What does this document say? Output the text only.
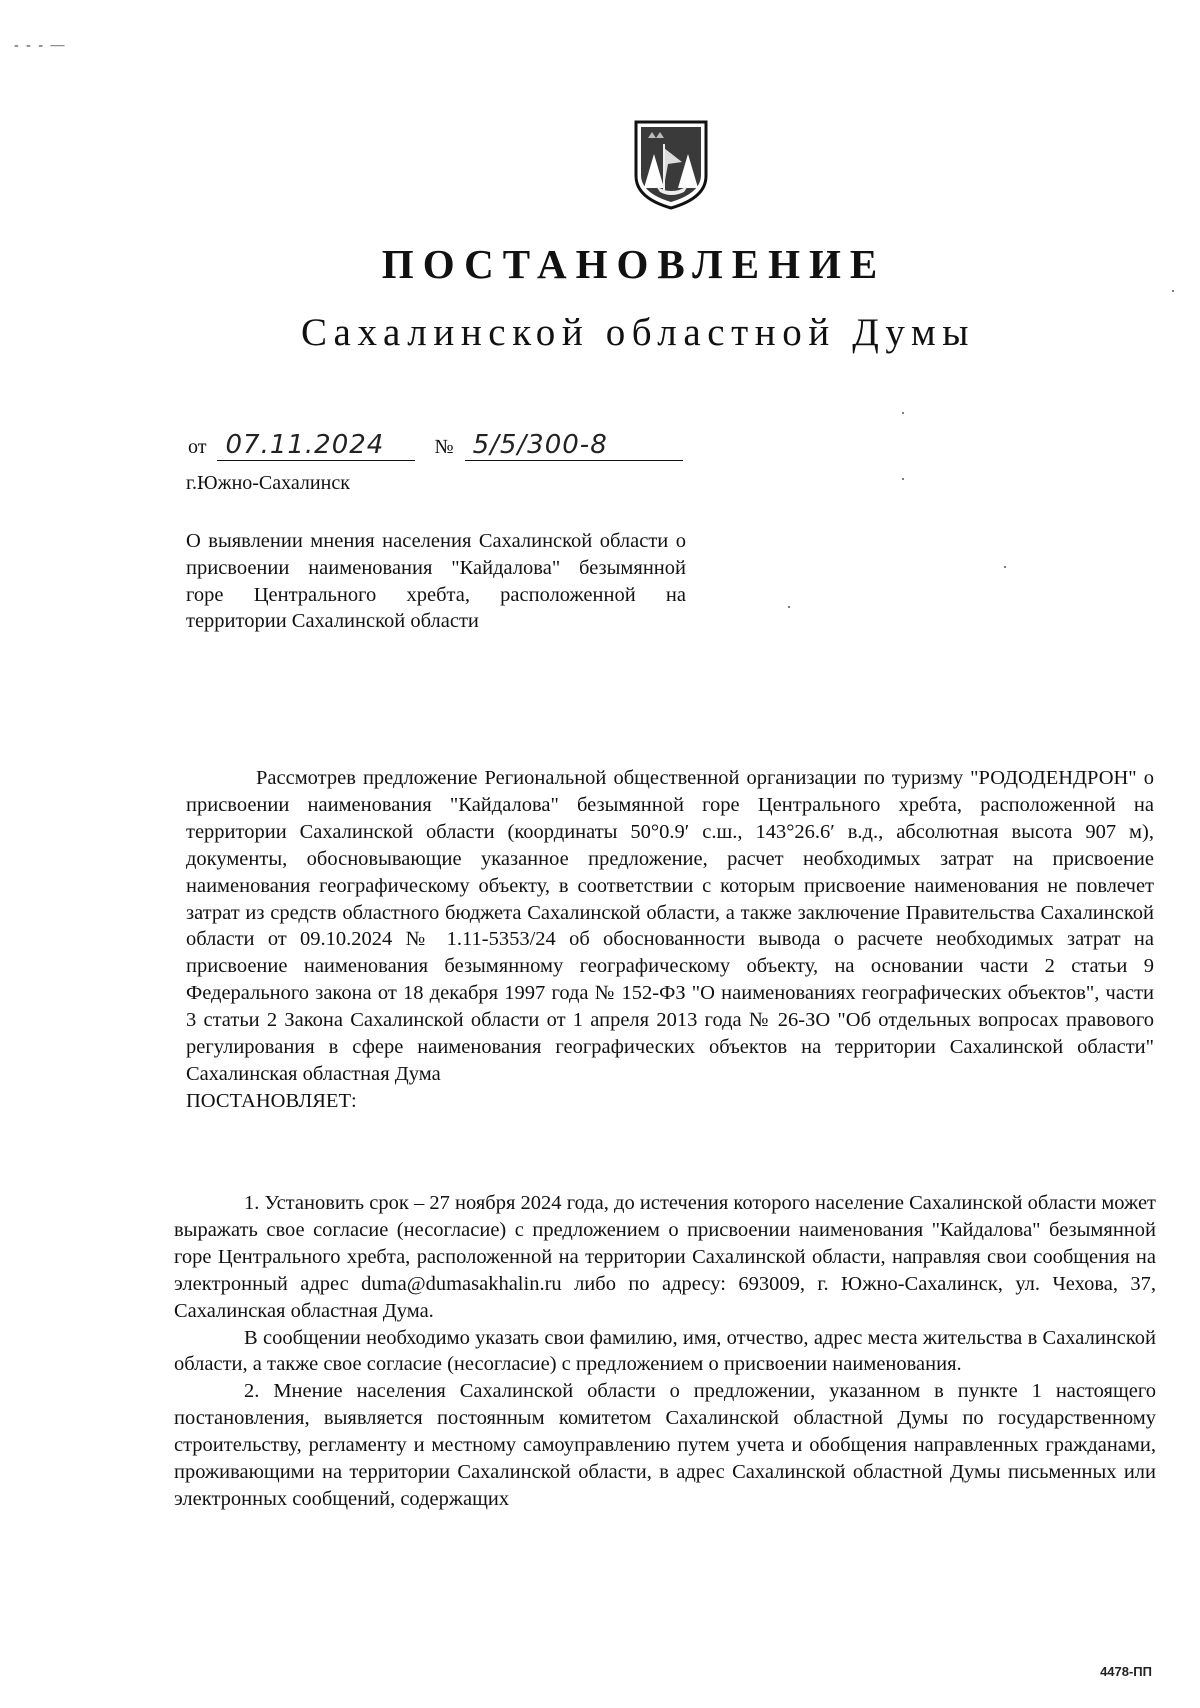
‑ ‑ ‑ —
ПОСТАНОВЛЕНИЕ
Сахалинской областной Думы
от 07.11.2024	№ 5/5/300-8
г.Южно-Сахалинск
О выявлении мнения населения Сахалинской области о присвоении наименования "Кайдалова" безымянной горе Центрального хребта, расположенной на территории Сахалинской области

Рассмотрев предложение Региональной общественной организации по туризму "РОДОДЕНДРОН" о присвоении наименования "Кайдалова" безымянной горе Центрального хребта, расположенной на территории Сахалинской области (координаты 50°0.9′ с.ш., 143°26.6′ в.д., абсолютная высота 907 м), документы, обосновывающие указанное предложение, расчет необходимых затрат на присвоение наименования географическому объекту, в соответствии с которым присвоение наименования не повлечет затрат из средств областного бюджета Сахалинской области, а также заключение Правительства Сахалинской области от 09.10.2024 № 1.11-5353/24 об обоснованности вывода о расчете необходимых затрат на присвоение наименования безымянному географическому объекту, на основании части 2 статьи 9 Федерального закона от 18 декабря 1997 года № 152-ФЗ "О наименованиях географических объектов", части 3 статьи 2 Закона Сахалинской области от 1 апреля 2013 года № 26-ЗО "Об отдельных вопросах правового регулирования в сфере наименования географических объектов на территории Сахалинской области" Сахалинская областная Дума

ПОСТАНОВЛЯЕТ:

1. Установить срок – 27 ноября 2024 года, до истечения которого население Сахалинской области может выражать свое согласие (несогласие) с предложением о присвоении наименования "Кайдалова" безымянной горе Центрального хребта, расположенной на территории Сахалинской области, направляя свои сообщения на электронный адрес duma@dumasakhalin.ru либо по адресу: 693009, г. Южно-Сахалинск, ул. Чехова, 37, Сахалинская областная Дума.

В сообщении необходимо указать свои фамилию, имя, отчество, адрес места жительства в Сахалинской области, а также свое согласие (несогласие) с предложением о присвоении наименования.

2. Мнение населения Сахалинской области о предложении, указанном в пункте 1 настоящего постановления, выявляется постоянным комитетом Сахалинской областной Думы по государственному строительству, регламенту и местному самоуправлению путем учета и обобщения направленных гражданами, проживающими на территории Сахалинской области, в адрес Сахалинской областной Думы письменных или электронных сообщений, содержащих

4478-ПП
